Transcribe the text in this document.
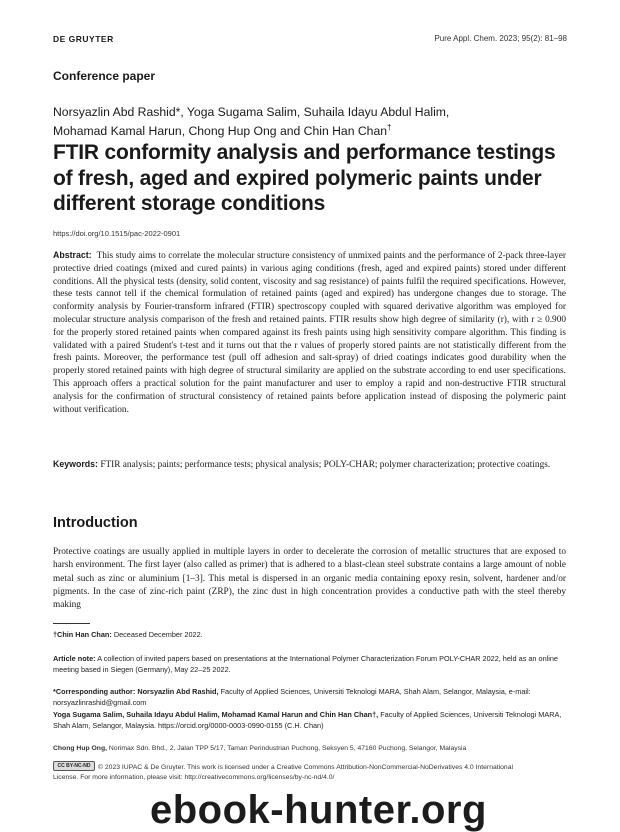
DE GRUYTER	Pure Appl. Chem. 2023; 95(2): 81–98
Conference paper
Norsyazlin Abd Rashid*, Yoga Sugama Salim, Suhaila Idayu Abdul Halim,
Mohamad Kamal Harun, Chong Hup Ong and Chin Han Chan†
FTIR conformity analysis and performance testings of fresh, aged and expired polymeric paints under different storage conditions
https://doi.org/10.1515/pac-2022-0901
Abstract: This study aims to correlate the molecular structure consistency of unmixed paints and the performance of 2-pack three-layer protective dried coatings (mixed and cured paints) in various aging conditions (fresh, aged and expired paints) stored under different conditions. All the physical tests (density, solid content, viscosity and sag resistance) of paints fulfil the required specifications. However, these tests cannot tell if the chemical formulation of retained paints (aged and expired) has undergone changes due to storage. The conformity analysis by Fourier-transform infrared (FTIR) spectroscopy coupled with squared derivative algorithm was employed for molecular structure analysis comparison of the fresh and retained paints. FTIR results show high degree of similarity (r), with r ≥ 0.900 for the properly stored retained paints when compared against its fresh paints using high sensitivity compare algorithm. This finding is validated with a paired Student's t-test and it turns out that the r values of properly stored paints are not statistically different from the fresh paints. Moreover, the performance test (pull off adhesion and salt-spray) of dried coatings indicates good durability when the properly stored retained paints with high degree of structural similarity are applied on the substrate according to end user specifications. This approach offers a practical solution for the paint manufacturer and user to employ a rapid and non-destructive FTIR structural analysis for the confirmation of structural consistency of retained paints before application instead of disposing the polymeric paint without verification.
Keywords: FTIR analysis; paints; performance tests; physical analysis; POLY-CHAR; polymer characterization; protective coatings.
Introduction
Protective coatings are usually applied in multiple layers in order to decelerate the corrosion of metallic structures that are exposed to harsh environment. The first layer (also called as primer) that is adhered to a blast-clean steel substrate contains a large amount of noble metal such as zinc or aluminium [1–3]. This metal is dispersed in an organic media containing epoxy resin, solvent, hardener and/or pigments. In the case of zinc-rich paint (ZRP), the zinc dust in high concentration provides a conductive path with the steel thereby making
†Chin Han Chan: Deceased December 2022.
Article note: A collection of invited papers based on presentations at the International Polymer Characterization Forum POLY-CHAR 2022, held as an online meeting based in Siegen (Germany), May 22–25 2022.
*Corresponding author: Norsyazlin Abd Rashid, Faculty of Applied Sciences, Universiti Teknologi MARA, Shah Alam, Selangor, Malaysia, e-mail: norsyazlinrashid@gmail.com
Yoga Sugama Salim, Suhaila Idayu Abdul Halim, Mohamad Kamal Harun and Chin Han Chan†, Faculty of Applied Sciences, Universiti Teknologi MARA, Shah Alam, Selangor, Malaysia. https://orcid.org/0000-0003-0990-0155 (C.H. Chan)
Chong Hup Ong, Norimax Sdn. Bhd., 2, Jalan TPP 5/17, Taman Perindustrian Puchong, Seksyen 5, 47160 Puchong, Selangor, Malaysia
CC BY-NC-ND © 2023 IUPAC & De Gruyter. This work is licensed under a Creative Commons Attribution-NonCommercial-NoDerivatives 4.0 International
License. For more information, please visit: http://creativecommons.org/licenses/by-nc-nd/4.0/
ebook-hunter.org
